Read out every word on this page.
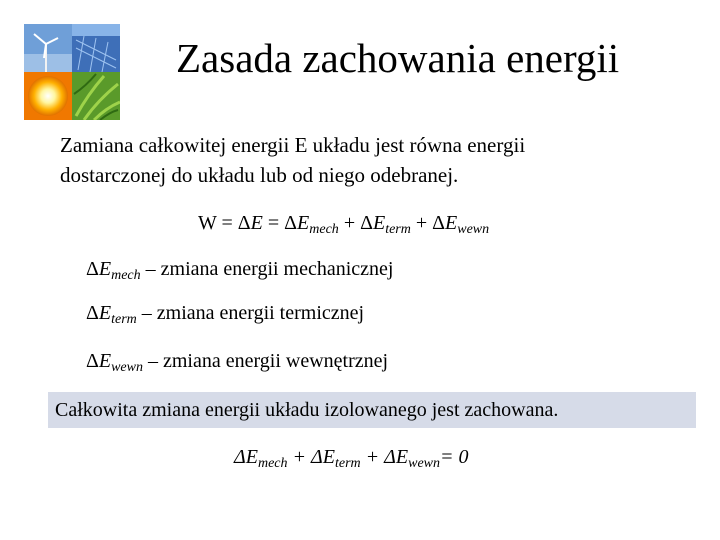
Zasada zachowania energii
Zamiana całkowitej energii E układu jest równa energii
dostarczonej do układu lub od niego odebranej.
$W = \Delta E = \Delta E_{mech} + \Delta E_{term} + \Delta E_{wewn}$
$\Delta E_{mech}$ – zmiana energii mechanicznej
$\Delta E_{term}$ – zmiana energii termicznej
$\Delta E_{wewn}$ – zmiana energii wewnętrznej
Całkowita zmiana energii układu izolowanego jest zachowana.
$\Delta E_{mech} + \Delta E_{term} + \Delta E_{wewn}= 0$
